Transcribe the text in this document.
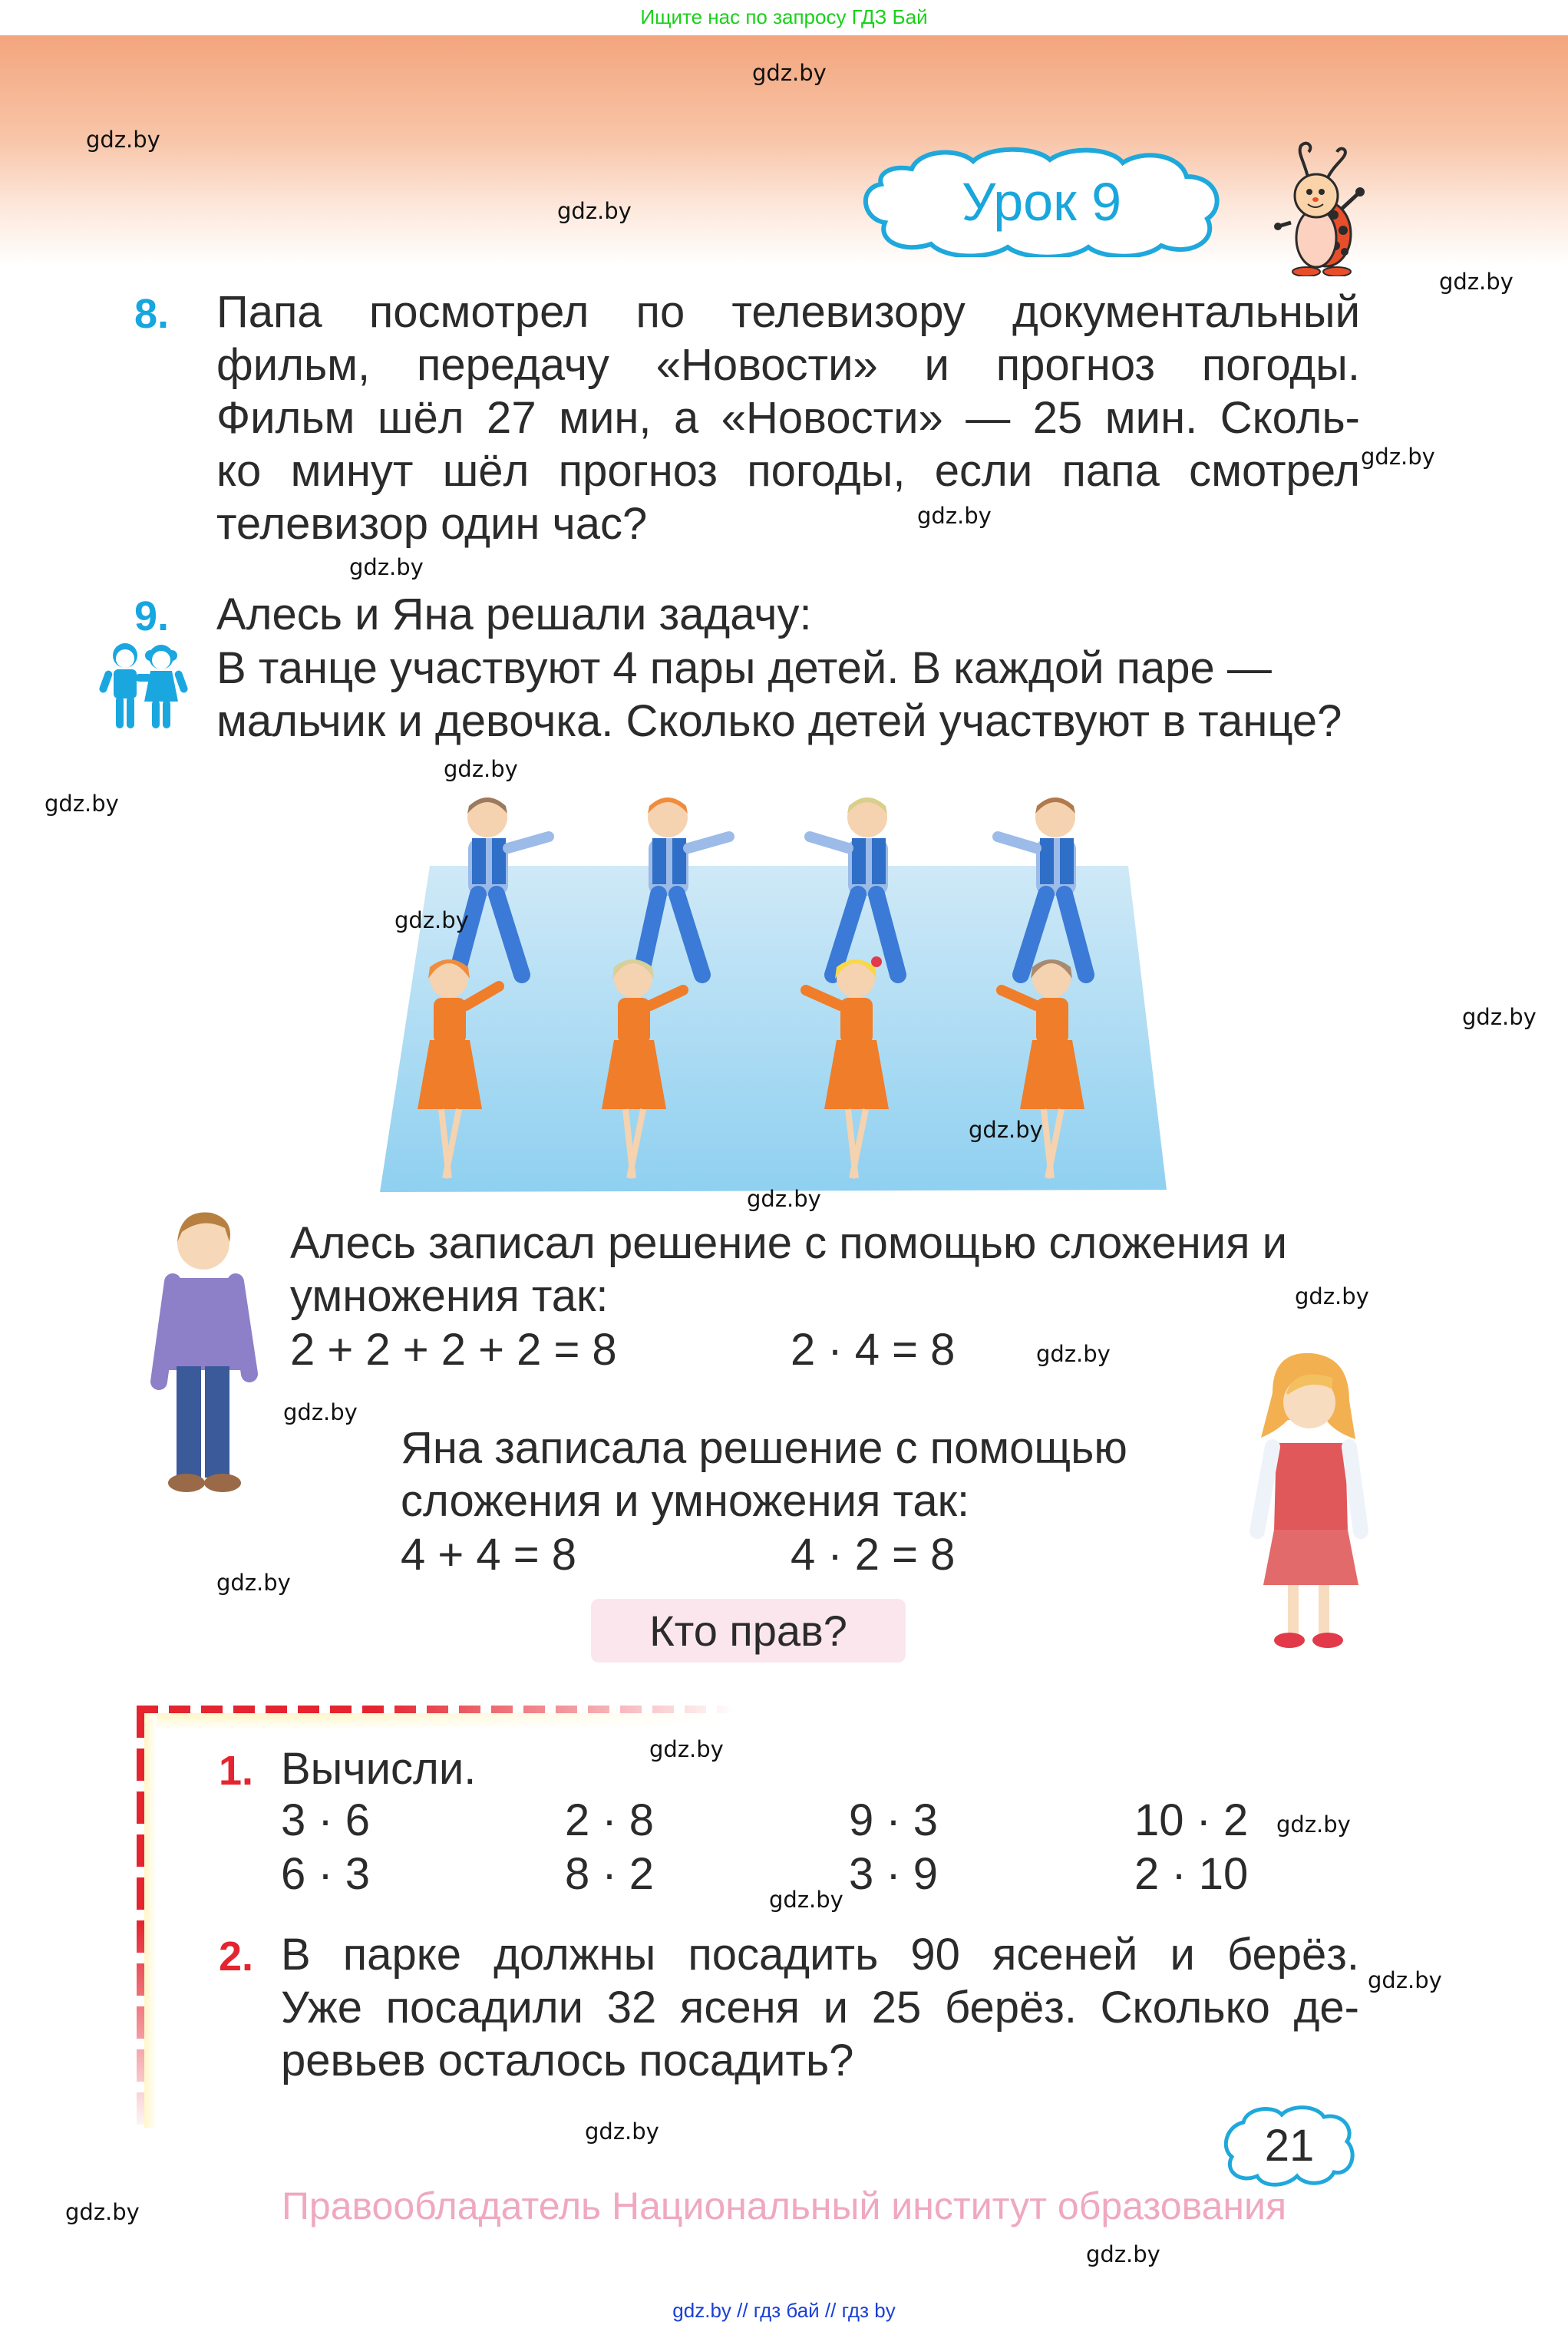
Ищите нас по запросу ГДЗ Бай
Урок 9
8. Папа посмотрел по телевизору документальный

фильм, передачу «Новости» и прогноз погоды.

Фильм шёл 27 мин, а «Новости» — 25 мин. Сколь-

ко минут шёл прогноз погоды, если папа смотрел

телевизор один час?

9. Алесь и Яна решали задачу:

В танце участвуют 4 пары детей. В каждой паре —

мальчик и девочка. Сколько детей участвуют в танце?

Алесь записал решение с помощью сложения и

умножения так:

2 + 2 + 2 + 2 = 8	2 · 4 = 8

Яна записала решение с помощью

сложения и умножения так:

4 + 4 = 8	4 · 2 = 8
Кто прав?
1. Вычисли.
3 · 6	2 · 8	9 · 3	10 · 2
6 · 3	8 · 2	3 · 9	2 · 10
2. В парке должны посадить 90 ясеней и берёз.

Уже посадили 32 ясеня и 25 берёз. Сколько де-

ревьев осталось посадить?

21
Правообладатель Национальный институт образования
gdz.by // гдз бай // гдз by
gdz.by
gdz.by
gdz.by
gdz.by
gdz.by
gdz.by
gdz.by
gdz.by
gdz.by
gdz.by
gdz.by
gdz.by
gdz.by
gdz.by
gdz.by
gdz.by
gdz.by
gdz.by
gdz.by
gdz.by
gdz.by
gdz.by
gdz.by
gdz.by
